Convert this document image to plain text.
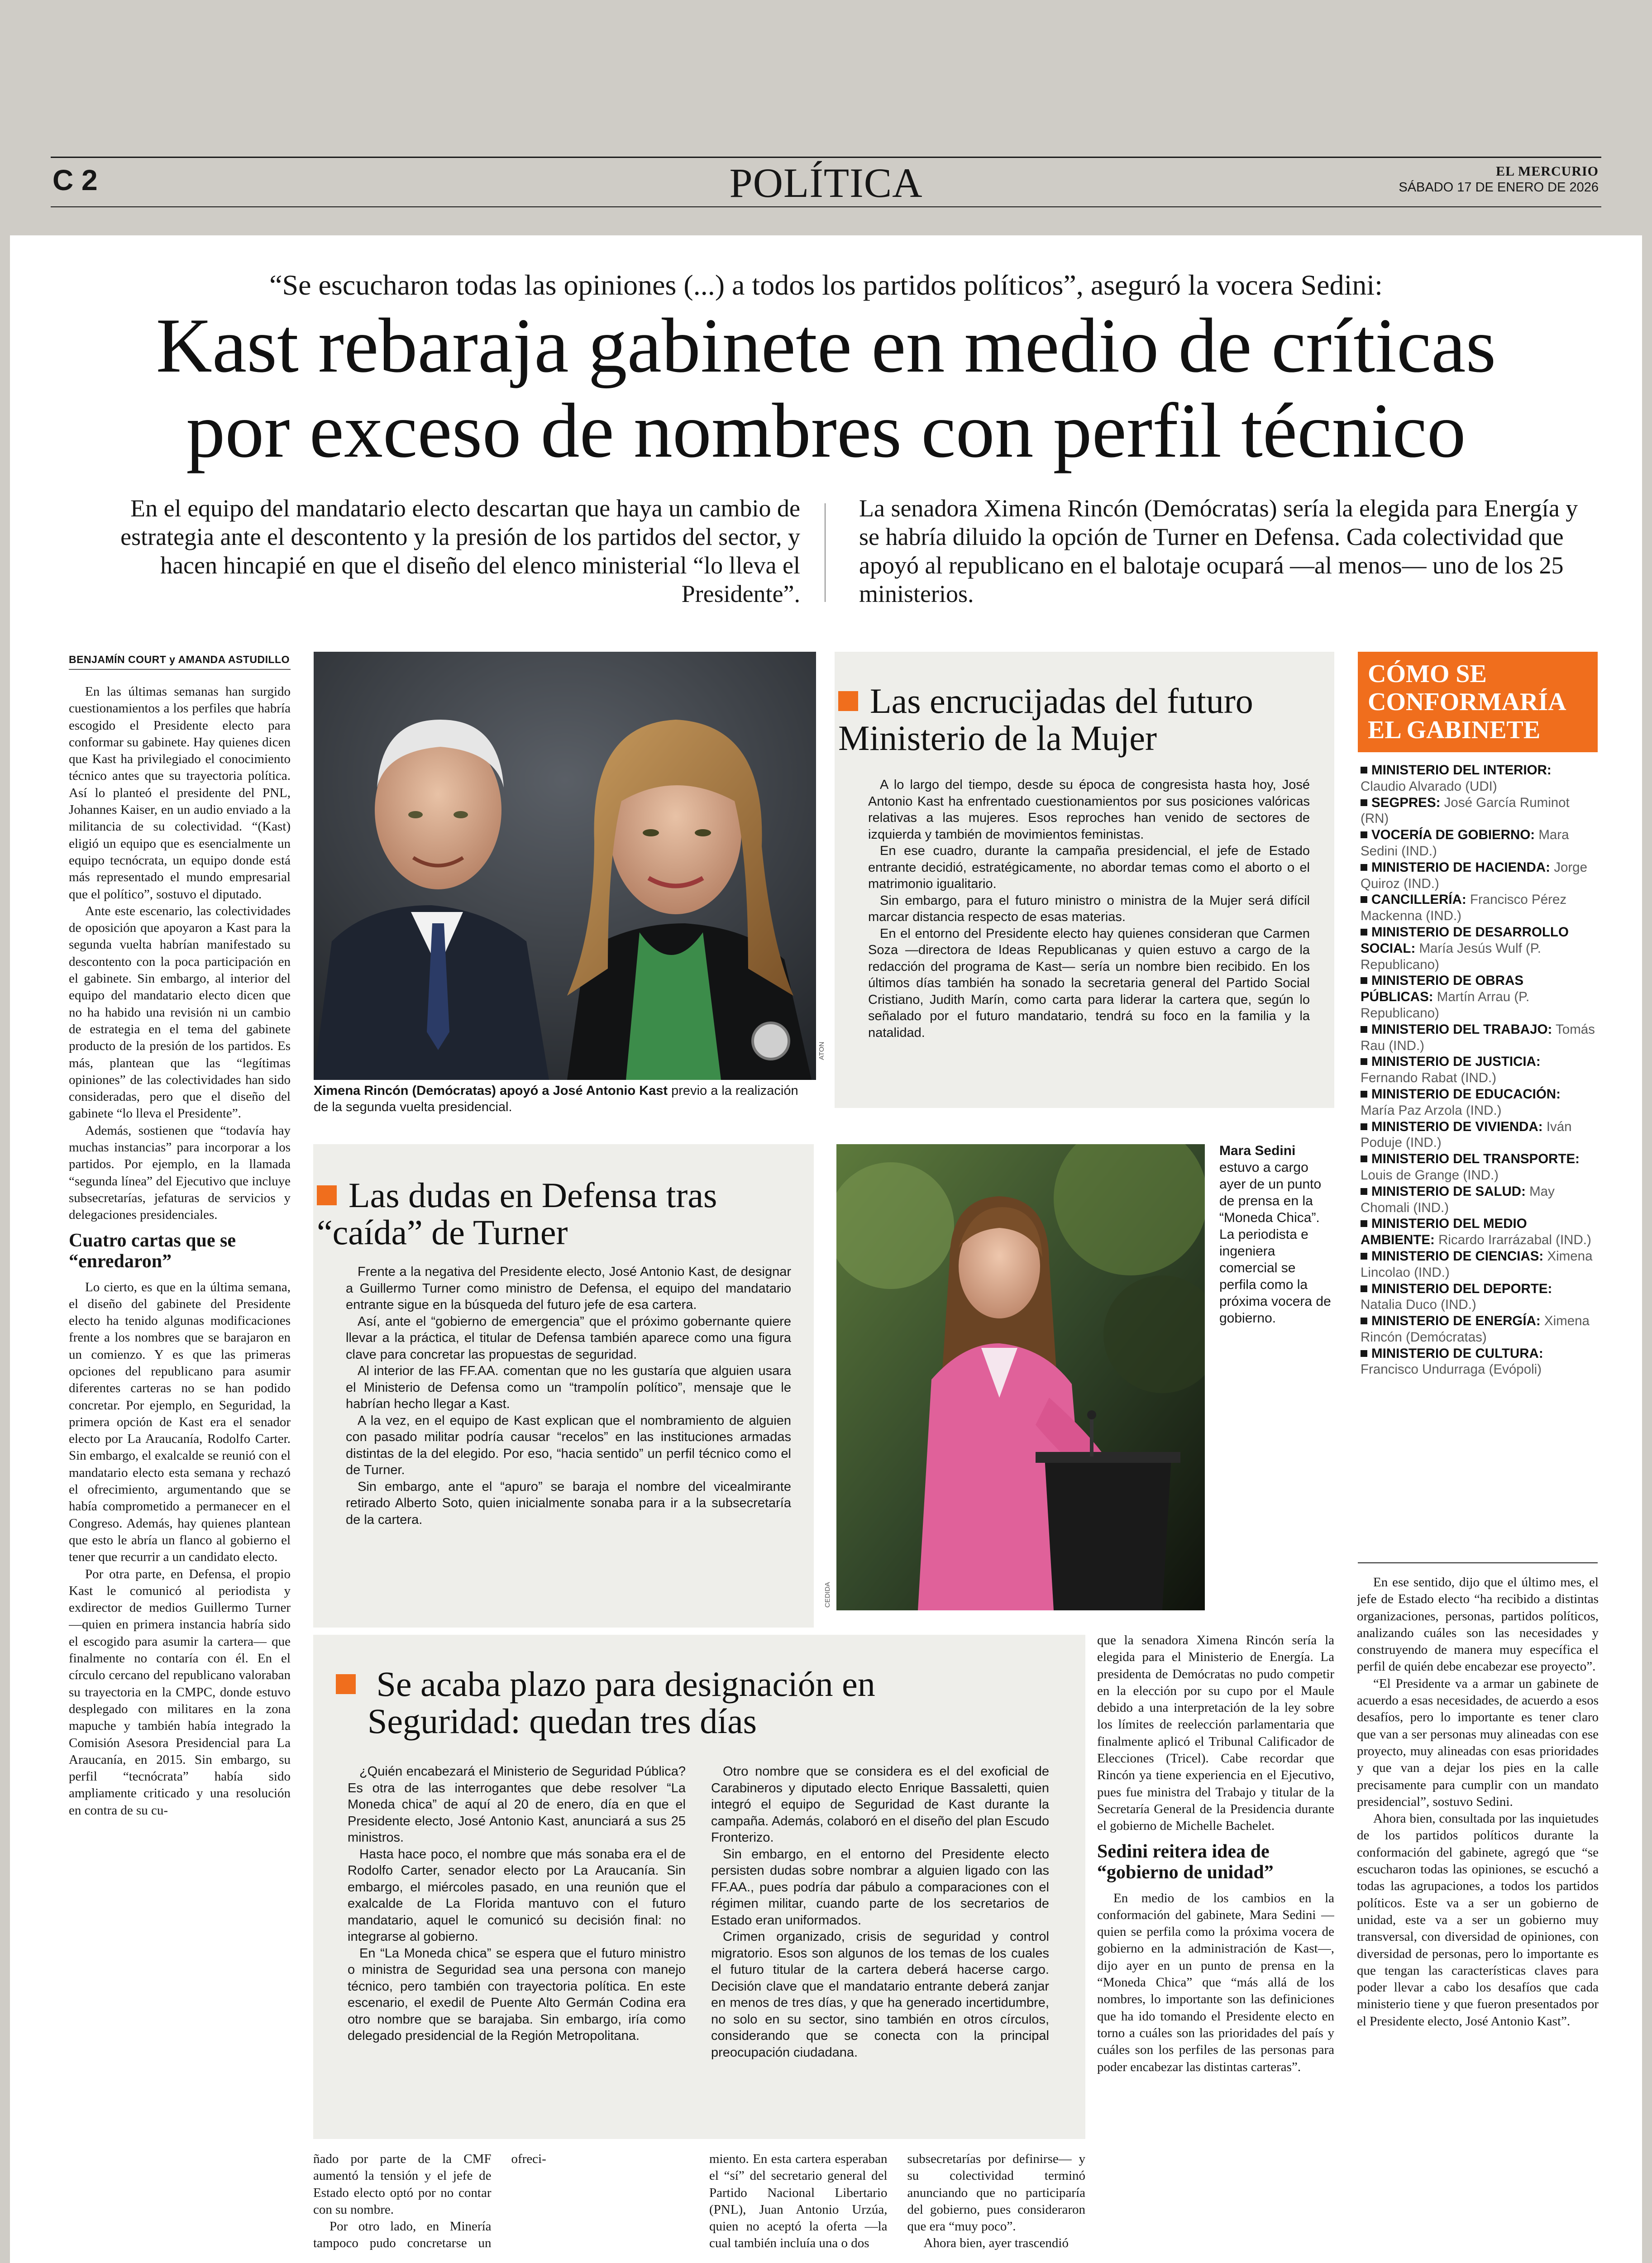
C 2	POLÍTICA	EL MERCURIO
SÁBADO 17 DE ENERO DE 2026
“Se escucharon todas las opiniones (...) a todos los partidos políticos”, aseguró la vocera Sedini:
Kast rebaraja gabinete en medio de críticas
por exceso de nombres con perfil técnico
En el equipo del mandatario electo descartan que haya un cambio de estrategia ante el descontento y la presión de los partidos del sector, y hacen hincapié en que el diseño del elenco ministerial “lo lleva el Presidente”.
La senadora Ximena Rincón (Demócratas) sería la elegida para Energía y se habría diluido la opción de Turner en Defensa. Cada colectividad que apoyó al republicano en el balotaje ocupará —al menos— uno de los 25 ministerios.
BENJAMÍN COURT y AMANDA ASTUDILLO

En las últimas semanas han surgido cuestionamientos a los perfiles que habría escogido el Presidente electo para conformar su gabinete. Hay quienes dicen que Kast ha privilegiado el conocimiento técnico antes que su trayectoria política. Así lo planteó el presidente del PNL, Johannes Kaiser, en un audio enviado a la militancia de su colectividad. “(Kast) eligió un equipo que es esencialmente un equipo tecnócrata, un equipo donde está más representado el mundo empresarial que el político”, sostuvo el diputado.

Ante este escenario, las colectividades de oposición que apoyaron a Kast para la segunda vuelta habrían manifestado su descontento con la poca participación en el gabinete. Sin embargo, al interior del equipo del mandatario electo dicen que no ha habido una revisión ni un cambio de estrategia en el tema del gabinete producto de la presión de los partidos. Es más, plantean que las “legítimas opiniones” de las colectividades han sido consideradas, pero que el diseño del gabinete “lo lleva el Presidente”.

Además, sostienen que “todavía hay muchas instancias” para incorporar a los partidos. Por ejemplo, en la llamada “segunda línea” del Ejecutivo que incluye subsecretarías, jefaturas de servicios y delegaciones presidenciales.

Cuatro cartas que se “enredaron”

Lo cierto, es que en la última semana, el diseño del gabinete del Presidente electo ha tenido algunas modificaciones frente a los nombres que se barajaron en un comienzo. Y es que las primeras opciones del republicano para asumir diferentes carteras no se han podido concretar. Por ejemplo, en Seguridad, la primera opción de Kast era el senador electo por La Araucanía, Rodolfo Carter. Sin embargo, el exalcalde se reunió con el mandatario electo esta semana y rechazó el ofrecimiento, argumentando que se había comprometido a permanecer en el Congreso. Además, hay quienes plantean que esto le abría un flanco al gobierno el tener que recurrir a un candidato electo.

Por otra parte, en Defensa, el propio Kast le comunicó al periodista y exdirector de medios Guillermo Turner —quien en primera instancia habría sido el escogido para asumir la cartera— que finalmente no contaría con él. En el círculo cercano del republicano valoraban su trayectoria en la CMPC, donde estuvo desplegado con militares en la zona mapuche y también había integrado la Comisión Asesora Presidencial para La Araucanía, en 2015. Sin embargo, su perfil “tecnócrata” había sido ampliamente criticado y una resolución en contra de su cu-

ATON
Ximena Rincón (Demócratas) apoyó a José Antonio Kast previo a la realización de la segunda vuelta presidencial.
Las encrucijadas del futuro Ministerio de la Mujer

A lo largo del tiempo, desde su época de congresista hasta hoy, José Antonio Kast ha enfrentado cuestionamientos por sus posiciones valóricas relativas a las mujeres. Esos reproches han venido de sectores de izquierda y también de movimientos feministas.

En ese cuadro, durante la campaña presidencial, el jefe de Estado entrante decidió, estratégicamente, no abordar temas como el aborto o el matrimonio igualitario.

Sin embargo, para el futuro ministro o ministra de la Mujer será difícil marcar distancia respecto de esas materias.

En el entorno del Presidente electo hay quienes consideran que Carmen Soza —directora de Ideas Republicanas y quien estuvo a cargo de la redacción del programa de Kast— sería un nombre bien recibido. En los últimos días también ha sonado la secretaria general del Partido Social Cristiano, Judith Marín, como carta para liderar la cartera que, según lo señalado por el futuro mandatario, tendrá su foco en la familia y la natalidad.

CÓMO SE
CONFORMARÍA
EL GABINETE

MINISTERIO DEL INTERIOR: Claudio Alvarado (UDI)

SEGPRES: José García Ruminot (RN)

VOCERÍA DE GOBIERNO: Mara Sedini (IND.)

MINISTERIO DE HACIENDA: Jorge Quiroz (IND.)

CANCILLERÍA: Francisco Pérez Mackenna (IND.)

MINISTERIO DE DESARROLLO SOCIAL: María Jesús Wulf (P. Republicano)

MINISTERIO DE OBRAS PÚBLICAS: Martín Arrau (P. Republicano)

MINISTERIO DEL TRABAJO: Tomás Rau (IND.)

MINISTERIO DE JUSTICIA: Fernando Rabat (IND.)

MINISTERIO DE EDUCACIÓN: María Paz Arzola (IND.)

MINISTERIO DE VIVIENDA: Iván Poduje (IND.)

MINISTERIO DEL TRANSPORTE: Louis de Grange (IND.)

MINISTERIO DE SALUD: May Chomali (IND.)

MINISTERIO DEL MEDIO AMBIENTE: Ricardo Irarrázabal (IND.)

MINISTERIO DE CIENCIAS: Ximena Lincolao (IND.)

MINISTERIO DEL DEPORTE: Natalia Duco (IND.)

MINISTERIO DE ENERGÍA: Ximena Rincón (Demócratas)

MINISTERIO DE CULTURA: Francisco Undurraga (Evópoli)

Las dudas en Defensa tras “caída” de Turner

Frente a la negativa del Presidente electo, José Antonio Kast, de designar a Guillermo Turner como ministro de Defensa, el equipo del mandatario entrante sigue en la búsqueda del futuro jefe de esa cartera.

Así, ante el “gobierno de emergencia” que el próximo gobernante quiere llevar a la práctica, el titular de Defensa también aparece como una figura clave para concretar las propuestas de seguridad.

Al interior de las FF.AA. comentan que no les gustaría que alguien usara el Ministerio de Defensa como un “trampolín político”, mensaje que le habrían hecho llegar a Kast.

A la vez, en el equipo de Kast explican que el nombramiento de alguien con pasado militar podría causar “recelos” en las instituciones armadas distintas de la del elegido. Por eso, “hacia sentido” un perfil técnico como el de Turner.

Sin embargo, ante el “apuro” se baraja el nombre del vicealmirante retirado Alberto Soto, quien inicialmente sonaba para ir a la subsecretaría de la cartera.

CEDIDA
Mara Sedini estuvo a cargo ayer de un punto de prensa en la “Moneda Chica”. La periodista e ingeniera comercial se perfila como la próxima vocera de gobierno.
Se acaba plazo para designación en
Seguridad: quedan tres días

¿Quién encabezará el Ministerio de Seguridad Pública? Es otra de las interrogantes que debe resolver “La Moneda chica” de aquí al 20 de enero, día en que el Presidente electo, José Antonio Kast, anunciará a sus 25 ministros.

Hasta hace poco, el nombre que más sonaba era el de Rodolfo Carter, senador electo por La Araucanía. Sin embargo, el miércoles pasado, en una reunión que el exalcalde de La Florida mantuvo con el futuro mandatario, aquel le comunicó su decisión final: no integrarse al gobierno.

En “La Moneda chica” se espera que el futuro ministro o ministra de Seguridad sea una persona con manejo técnico, pero también con trayectoria política. En este escenario, el exedil de Puente Alto Germán Codina era otro nombre que se barajaba. Sin embargo, iría como delegado presidencial de la Región Metropolitana.

Otro nombre que se considera es el del exoficial de Carabineros y diputado electo Enrique Bassaletti, quien integró el equipo de Seguridad de Kast durante la campaña. Además, colaboró en el diseño del plan Escudo Fronterizo.

Sin embargo, en el entorno del Presidente electo persisten dudas sobre nombrar a alguien ligado con las FF.AA., pues podría dar pábulo a comparaciones con el régimen militar, cuando parte de los secretarios de Estado eran uniformados.

Crimen organizado, crisis de seguridad y control migratorio. Esos son algunos de los temas de los cuales el futuro titular de la cartera deberá hacerse cargo. Decisión clave que el mandatario entrante deberá zanjar en menos de tres días, y que ha generado incertidumbre, no solo en su sector, sino también en otros círculos, considerando que se conecta con la principal preocupación ciudadana.

que la senadora Ximena Rincón sería la elegida para el Ministerio de Energía. La presidenta de Demócratas no pudo competir en la elección por su cupo por el Maule debido a una interpretación de la ley sobre los límites de reelección parlamentaria que finalmente aplicó el Tribunal Calificador de Elecciones (Tricel). Cabe recordar que Rincón ya tiene experiencia en el Ejecutivo, pues fue ministra del Trabajo y titular de la Secretaría General de la Presidencia durante el gobierno de Michelle Bachelet.

Sedini reitera idea de “gobierno de unidad”

En medio de los cambios en la conformación del gabinete, Mara Sedini —quien se perfila como la próxima vocera de gobierno en la administración de Kast—, dijo ayer en un punto de prensa en la “Moneda Chica” que “más allá de los nombres, lo importante son las definiciones que ha ido tomando el Presidente electo en torno a cuáles son las prioridades del país y cuáles son los perfiles de las personas para poder encabezar las distintas carteras”.

En ese sentido, dijo que el último mes, el jefe de Estado electo “ha recibido a distintas organizaciones, personas, partidos políticos, analizando cuáles son las necesidades y construyendo de manera muy específica el perfil de quién debe encabezar ese proyecto”.

“El Presidente va a armar un gabinete de acuerdo a esas necesidades, de acuerdo a esos desafíos, pero lo importante es tener claro que van a ser personas muy alineadas con ese proyecto, muy alineadas con esas prioridades y que van a dejar los pies en la calle precisamente para cumplir con un mandato presidencial”, sostuvo Sedini.

Ahora bien, consultada por las inquietudes de los partidos políticos durante la conformación del gabinete, agregó que “se escucharon todas las opiniones, se escuchó a todas las agrupaciones, a todos los partidos políticos. Este va a ser un gobierno de unidad, este va a ser un gobierno muy transversal, con diversidad de opiniones, con diversidad de personas, pero lo importante es que tengan las características claves para poder llevar a cabo los desafíos que cada ministerio tiene y que fueron presentados por el Presidente electo, José Antonio Kast”.

ñado por parte de la CMF aumentó la tensión y el jefe de Estado electo optó por no contar con su nombre.

Por otro lado, en Minería tampoco pudo concretarse un ofreci-	miento. En esta cartera esperaban el “sí” del secretario general del Partido Nacional Libertario (PNL), Juan Antonio Urzúa, quien no aceptó la oferta —la cual también incluía una o dos

subsecretarías por definirse— y su colectividad terminó anunciando que no participaría del gobierno, pues consideraron que era “muy poco”.

Ahora bien, ayer trascendió
